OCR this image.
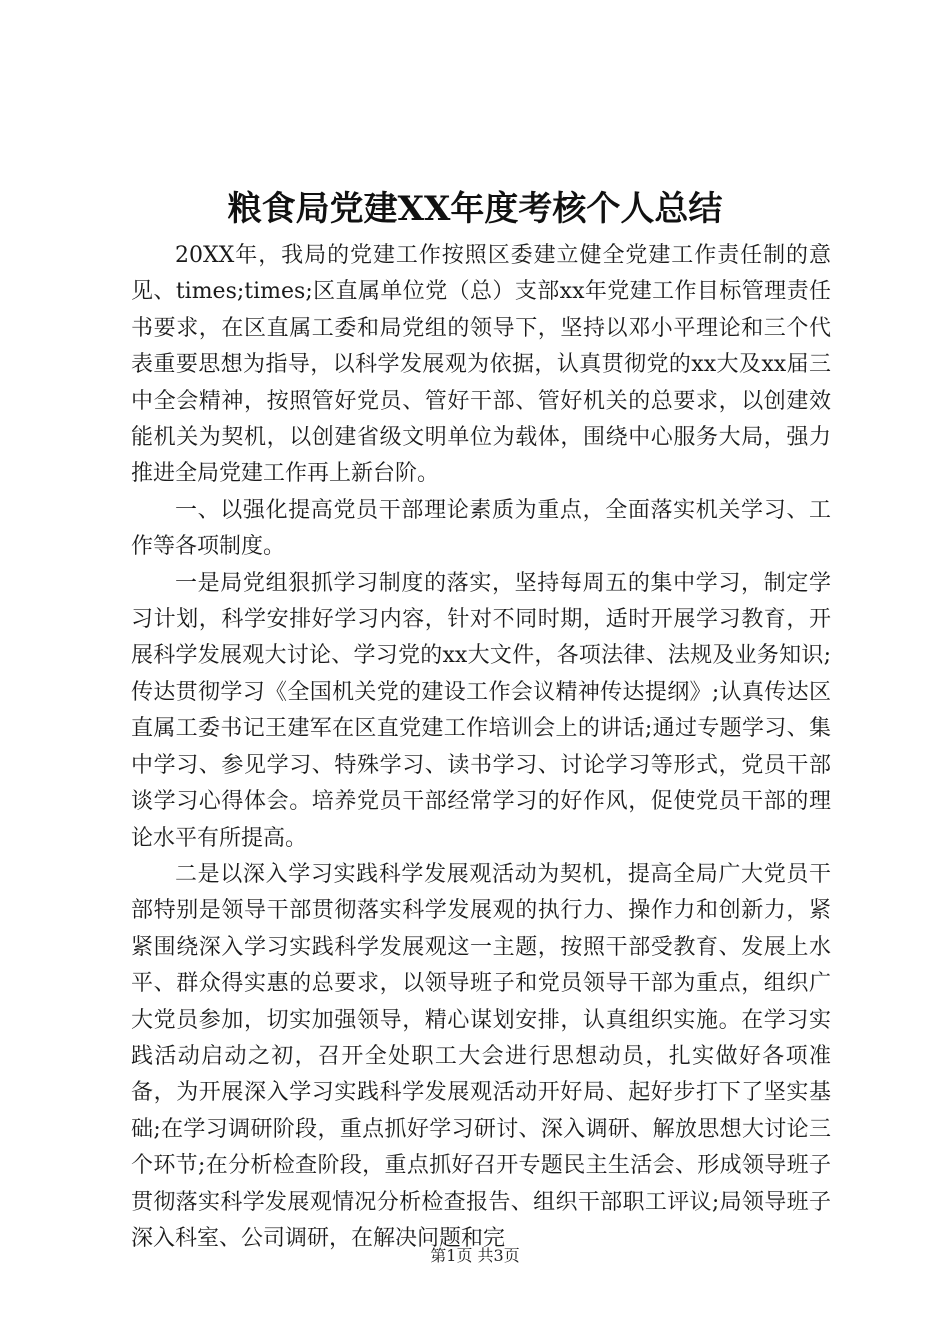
粮食局党建XX年度考核个人总结

20XX年，我局的党建工作按照区委建立健全党建工作责任制的意见、times;times;区直属单位党（总）支部xx年党建工作目标管理责任书要求，在区直属工委和局党组的领导下，坚持以邓小平理论和三个代表重要思想为指导，以科学发展观为依据，认真贯彻党的xx大及xx届三中全会精神，按照管好党员、管好干部、管好机关的总要求，以创建效能机关为契机，以创建省级文明单位为载体，围绕中心服务大局，强力推进全局党建工作再上新台阶。

一、以强化提高党员干部理论素质为重点，全面落实机关学习、工作等各项制度。

一是局党组狠抓学习制度的落实，坚持每周五的集中学习，制定学习计划，科学安排好学习内容，针对不同时期，适时开展学习教育，开展科学发展观大讨论、学习党的xx大文件，各项法律、法规及业务知识;传达贯彻学习《全国机关党的建设工作会议精神传达提纲》;认真传达区直属工委书记王建军在区直党建工作培训会上的讲话;通过专题学习、集中学习、参见学习、特殊学习、读书学习、讨论学习等形式，党员干部谈学习心得体会。培养党员干部经常学习的好作风，促使党员干部的理论水平有所提高。

二是以深入学习实践科学发展观活动为契机，提高全局广大党员干部特别是领导干部贯彻落实科学发展观的执行力、操作力和创新力，紧紧围绕深入学习实践科学发展观这一主题，按照干部受教育、发展上水平、群众得实惠的总要求，以领导班子和党员领导干部为重点，组织广大党员参加，切实加强领导，精心谋划安排，认真组织实施。在学习实践活动启动之初，召开全处职工大会进行思想动员，扎实做好各项准备，为开展深入学习实践科学发展观活动开好局、起好步打下了坚实基础;在学习调研阶段，重点抓好学习研讨、深入调研、解放思想大讨论三个环节;在分析检查阶段，重点抓好召开专题民主生活会、形成领导班子贯彻落实科学发展观情况分析检查报告、组织干部职工评议;局领导班子深入科室、公司调研，在解决问题和完

第1页 共3页
